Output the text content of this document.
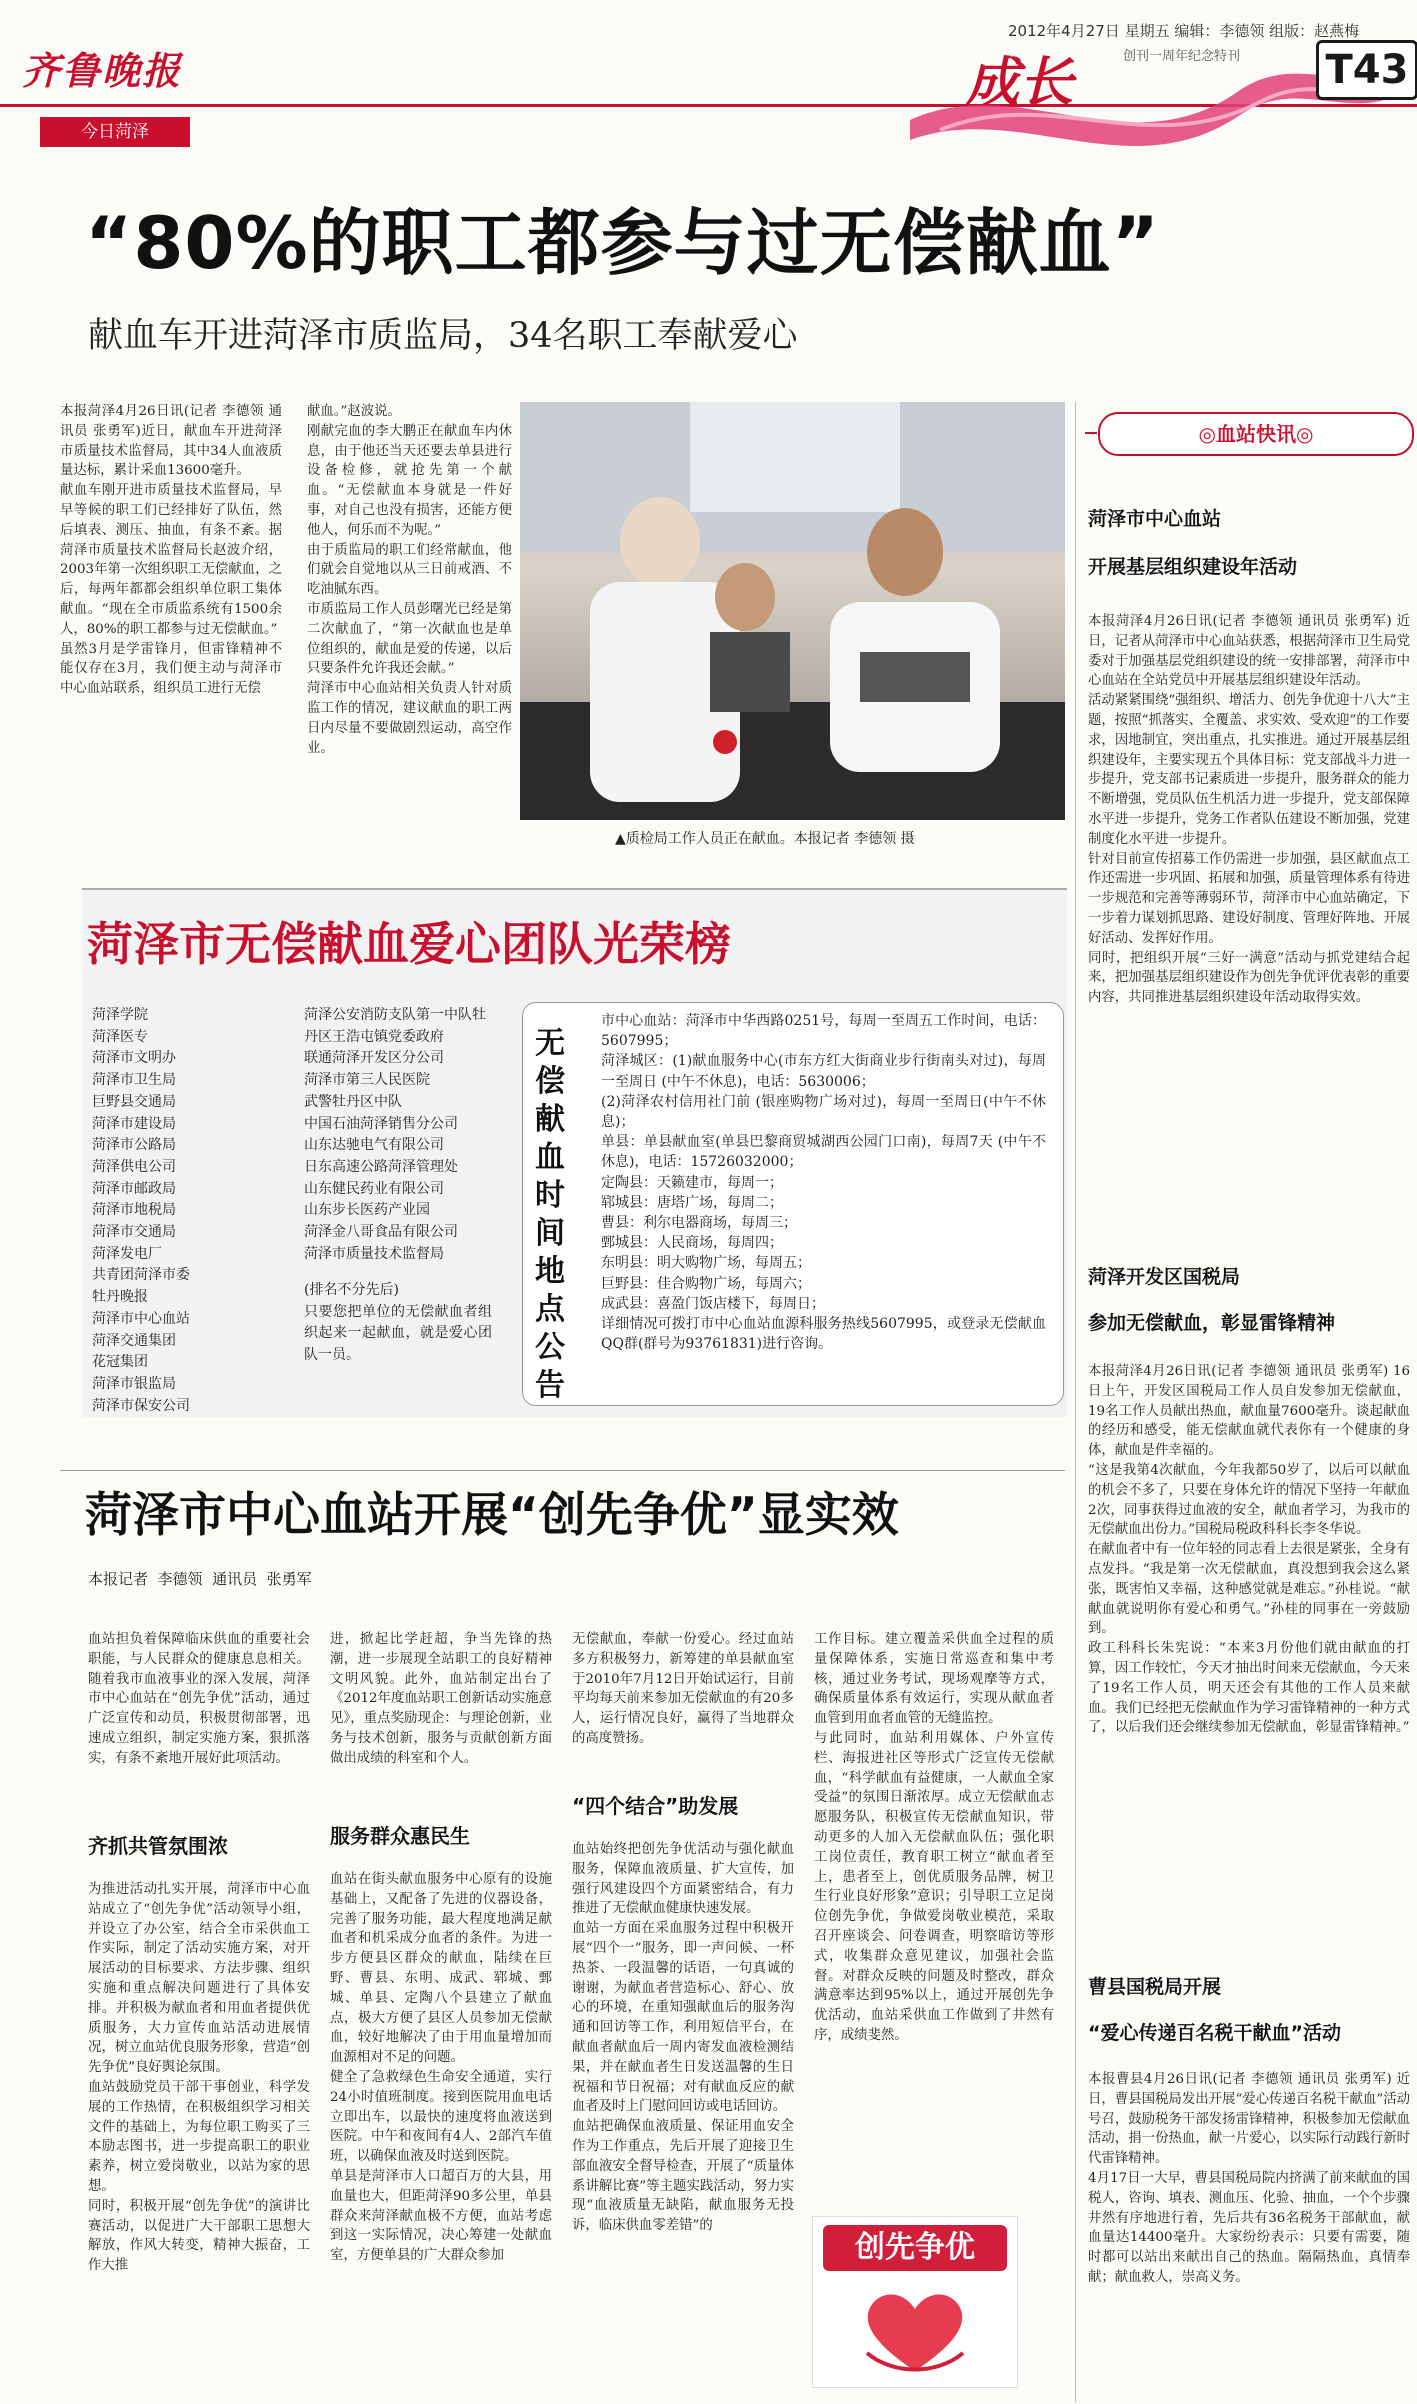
齐鲁晚报
今日菏泽
2012年4月27日 星期五 编辑：李德领 组版：赵燕梅
创刊一周年纪念特刊
成长	T43
“80%的职工都参与过无偿献血”
献血车开进菏泽市质监局，34名职工奉献爱心
本报菏泽4月26日讯(记者 李德领 通讯员 张勇军)近日，献血车开进菏泽市质量技术监督局，其中34人血液质量达标，累计采血13600毫升。
献血车刚开进市质量技术监督局，早早等候的职工们已经排好了队伍，然后填表、测压、抽血，有条不紊。据菏泽市质量技术监督局长赵波介绍，2003年第一次组织职工无偿献血，之后，每两年都都会组织单位职工集体献血。“现在全市质监系统有1500余人，80%的职工都参与过无偿献血。”
虽然3月是学雷锋月，但雷锋精神不能仅存在3月，我们便主动与菏泽市中心血站联系，组织员工进行无偿
献血。”赵波说。
刚献完血的李大鹏正在献血车内休息，由于他还当天还要去单县进行设备检修，就抢先第一个献血。“无偿献血本身就是一件好事，对自己也没有损害，还能方便他人，何乐而不为呢。”
由于质监局的职工们经常献血，他们就会自觉地以从三日前戒酒、不吃油腻东西。
市质监局工作人员彭曙光已经是第二次献血了，“第一次献血也是单位组织的，献血是爱的传递，以后只要条件允许我还会献。”
菏泽市中心血站相关负责人针对质监工作的情况，建议献血的职工两日内尽量不要做剧烈运动，高空作业。
▲质检局工作人员正在献血。本报记者 李德领 摄
◎血站快讯◎
菏泽市中心血站
开展基层组织建设年活动
本报菏泽4月26日讯(记者 李德领 通讯员 张勇军) 近日，记者从菏泽市中心血站获悉，根据菏泽市卫生局党委对于加强基层党组织建设的统一安排部署，菏泽市中心血站在全站党员中开展基层组织建设年活动。
活动紧紧围绕“强组织、增活力、创先争优迎十八大”主题，按照“抓落实、全覆盖、求实效、受欢迎”的工作要求，因地制宜，突出重点，扎实推进。通过开展基层组织建设年，主要实现五个具体目标：党支部战斗力进一步提升，党支部书记素质进一步提升，服务群众的能力不断增强，党员队伍生机活力进一步提升，党支部保障水平进一步提升，党务工作者队伍建设不断加强，党建制度化水平进一步提升。
针对目前宣传招募工作仍需进一步加强，县区献血点工作还需进一步巩固、拓展和加强，质量管理体系有待进一步规范和完善等薄弱环节，菏泽市中心血站确定，下一步着力谋划抓思路、建设好制度、管理好阵地、开展好活动、发挥好作用。
同时，把组织开展“三好一满意”活动与抓党建结合起来，把加强基层组织建设作为创先争优评优表彰的重要内容，共同推进基层组织建设年活动取得实效。
菏泽开发区国税局
参加无偿献血，彰显雷锋精神
本报菏泽4月26日讯(记者 李德领 通讯员 张勇军) 16日上午，开发区国税局工作人员自发参加无偿献血，19名工作人员献出热血，献血量7600毫升。谈起献血的经历和感受，能无偿献血就代表你有一个健康的身体，献血是件幸福的。
“这是我第4次献血，今年我都50岁了，以后可以献血的机会不多了，只要在身体允许的情况下坚持一年献血2次，同事获得过血液的安全，献血者学习，为我市的无偿献血出份力。”国税局税政科科长李冬华说。
在献血者中有一位年轻的同志看上去很是紧张，全身有点发抖。“我是第一次无偿献血，真没想到我会这么紧张，既害怕又幸福，这种感觉就是难忘。”孙桂说。“献献血就说明你有爱心和勇气。”孙桂的同事在一旁鼓励到。
政工科科长朱宪说：“本来3月份他们就由献血的打算，因工作较忙，今天才抽出时间来无偿献血，今天来了19名工作人员，明天还会有其他的工作人员来献血。我们已经把无偿献血作为学习雷锋精神的一种方式了，以后我们还会继续参加无偿献血，彰显雷锋精神。”
曹县国税局开展
“爱心传递百名税干献血”活动
本报曹县4月26日讯(记者 李德领 通讯员 张勇军) 近日，曹县国税局发出开展“爱心传递百名税干献血”活动号召，鼓励税务干部发扬雷锋精神，积极参加无偿献血活动，捐一份热血，献一片爱心，以实际行动践行新时代雷锋精神。
4月17日一大早，曹县国税局院内挤满了前来献血的国税人，咨询、填表、测血压、化验、抽血，一个个步骤井然有序地进行着，先后共有36名税务干部献血，献血量达14400毫升。大家纷纷表示：只要有需要，随时都可以站出来献出自己的热血。隔隔热血，真情奉献；献血救人，崇高义务。
菏泽市无偿献血爱心团队光荣榜
菏泽学院
菏泽医专
菏泽市文明办
菏泽市卫生局
巨野县交通局
菏泽市建设局
菏泽市公路局
菏泽供电公司
菏泽市邮政局
菏泽市地税局
菏泽市交通局
菏泽发电厂
共青团菏泽市委
牡丹晚报
菏泽市中心血站
菏泽交通集团
花冠集团
菏泽市银监局
菏泽市保安公司
菏泽公安消防支队第一中队牡丹区王浩屯镇党委政府
联通菏泽开发区分公司
菏泽市第三人民医院
武警牡丹区中队
中国石油菏泽销售分公司
山东达驰电气有限公司
日东高速公路菏泽管理处
山东健民药业有限公司
山东步长医药产业园
菏泽金八哥食品有限公司
菏泽市质量技术监督局
(排名不分先后)
只要您把单位的无偿献血者组织起来一起献血，就是爱心团队一员。
无偿献血时间地点公告
市中心血站：菏泽市中华西路0251号，每周一至周五工作时间，电话：5607995；
菏泽城区：(1)献血服务中心(市东方红大街商业步行街南头对过)，每周一至周日 (中午不休息)，电话：5630006；
(2)菏泽农村信用社门前 (银座购物广场对过)，每周一至周日(中午不休息)；
单县：单县献血室(单县巴黎商贸城湖西公园门口南)，每周7天 (中午不休息)，电话：15726032000；
定陶县：天籁建市，每周一；
郓城县：唐塔广场，每周二；
曹县：利尔电器商场，每周三；
鄄城县：人民商场，每周四；
东明县：明大购物广场，每周五；
巨野县：佳合购物广场，每周六；
成武县：喜盈门饭店楼下，每周日；
详细情况可拨打市中心血站血源科服务热线5607995，或登录无偿献血QQ群(群号为93761831)进行咨询。
菏泽市中心血站开展“创先争优”显实效
本报记者  李德领  通讯员  张勇军
血站担负着保障临床供血的重要社会职能，与人民群众的健康息息相关。随着我市血液事业的深入发展，菏泽市中心血站在“创先争优”活动，通过广泛宣传和动员，积极贯彻部署，迅速成立组织，制定实施方案，狠抓落实，有条不紊地开展好此项活动。
齐抓共管氛围浓
为推进活动扎实开展，菏泽市中心血站成立了“创先争优”活动领导小组，并设立了办公室，结合全市采供血工作实际，制定了活动实施方案，对开展活动的目标要求、方法步骤、组织实施和重点解决问题进行了具体安排。并积极为献血者和用血者提供优质服务，大力宣传血站活动进展情况，树立血站优良服务形象，营造“创先争优”良好舆论氛围。
血站鼓励党员干部干事创业，科学发展的工作热情，在积极组织学习相关文件的基础上，为每位职工购买了三本励志图书，进一步提高职工的职业素养，树立爱岗敬业，以站为家的思想。
同时，积极开展“创先争优”的演讲比赛活动，以促进广大干部职工思想大解放，作风大转变，精神大振奋，工作大推
进，掀起比学赶超，争当先锋的热潮，进一步展现全站职工的良好精神文明风貌。此外，血站制定出台了《2012年度血站职工创新话动实施意见》，重点奖励现企：与理论创新，业务与技术创新，服务与贡献创新方面做出成绩的科室和个人。
服务群众惠民生
血站在街头献血服务中心原有的设施基础上，又配备了先进的仪器设备，完善了服务功能，最大程度地满足献血者和机采成分血者的条件。为进一步方便县区群众的献血，陆续在巨野、曹县、东明、成武、郓城、鄄城、单县、定陶八个县建立了献血点，极大方便了县区人员参加无偿献血，较好地解决了由于用血量增加而血源相对不足的问题。
健全了急救绿色生命安全通道，实行24小时值班制度。接到医院用血电话立即出车，以最快的速度将血液送到医院。中午和夜间有4人、2部汽车值班，以确保血液及时送到医院。
单县是菏泽市人口超百万的大县，用血量也大，但距菏泽90多公里，单县群众来菏泽献血极不方便，血站考虑到这一实际情况，决心筹建一处献血室，方便单县的广大群众参加
无偿献血，奉献一份爱心。经过血站多方积极努力，新筹建的单县献血室于2010年7月12日开始试运行，目前平均每天前来参加无偿献血的有20多人，运行情况良好，赢得了当地群众的高度赞扬。
“四个结合”助发展
血站始终把创先争优活动与强化献血服务，保障血液质量、扩大宣传，加强行风建设四个方面紧密结合，有力推进了无偿献血健康快速发展。
血站一方面在采血服务过程中积极开展“四个一”服务，即一声问候、一杯热茶、一段温馨的话语，一句真诚的谢谢，为献血者营造标心、舒心、放心的环境，在重知强献血后的服务沟通和回访等工作，利用短信平台，在献血者献血后一周内寄发血液检测结果，并在献血者生日发送温馨的生日祝福和节日祝福；对有献血反应的献血者及时上门慰问回访或电话回访。
血站把确保血液质量、保证用血安全作为工作重点，先后开展了迎接卫生部血液安全督导检查，开展了“质量体系讲解比赛”等主题实践活动，努力实现“血液质量无缺陷，献血服务无投诉，临床供血零差错”的
工作目标。建立覆盖采供血全过程的质量保障体系，实施日常巡查和集中考核，通过业务考试，现场观摩等方式，确保质量体系有效运行，实现从献血者血管到用血者血管的无缝监控。
与此同时，血站利用媒体、户外宣传栏、海报进社区等形式广泛宣传无偿献血，“科学献血有益健康，一人献血全家受益”的氛围日渐浓厚。成立无偿献血志愿服务队，积极宣传无偿献血知识，带动更多的人加入无偿献血队伍；强化职工岗位责任，教育职工树立“献血者至上，患者至上，创优质服务品牌，树卫生行业良好形象”意识；引导职工立足岗位创先争优，争做爱岗敬业模范，采取召开座谈会、问卷调查，明察暗访等形式，收集群众意见建议，加强社会监督。对群众反映的问题及时整改，群众满意率达到95%以上，通过开展创先争优活动，血站采供血工作做到了井然有序，成绩斐然。
创先争优
